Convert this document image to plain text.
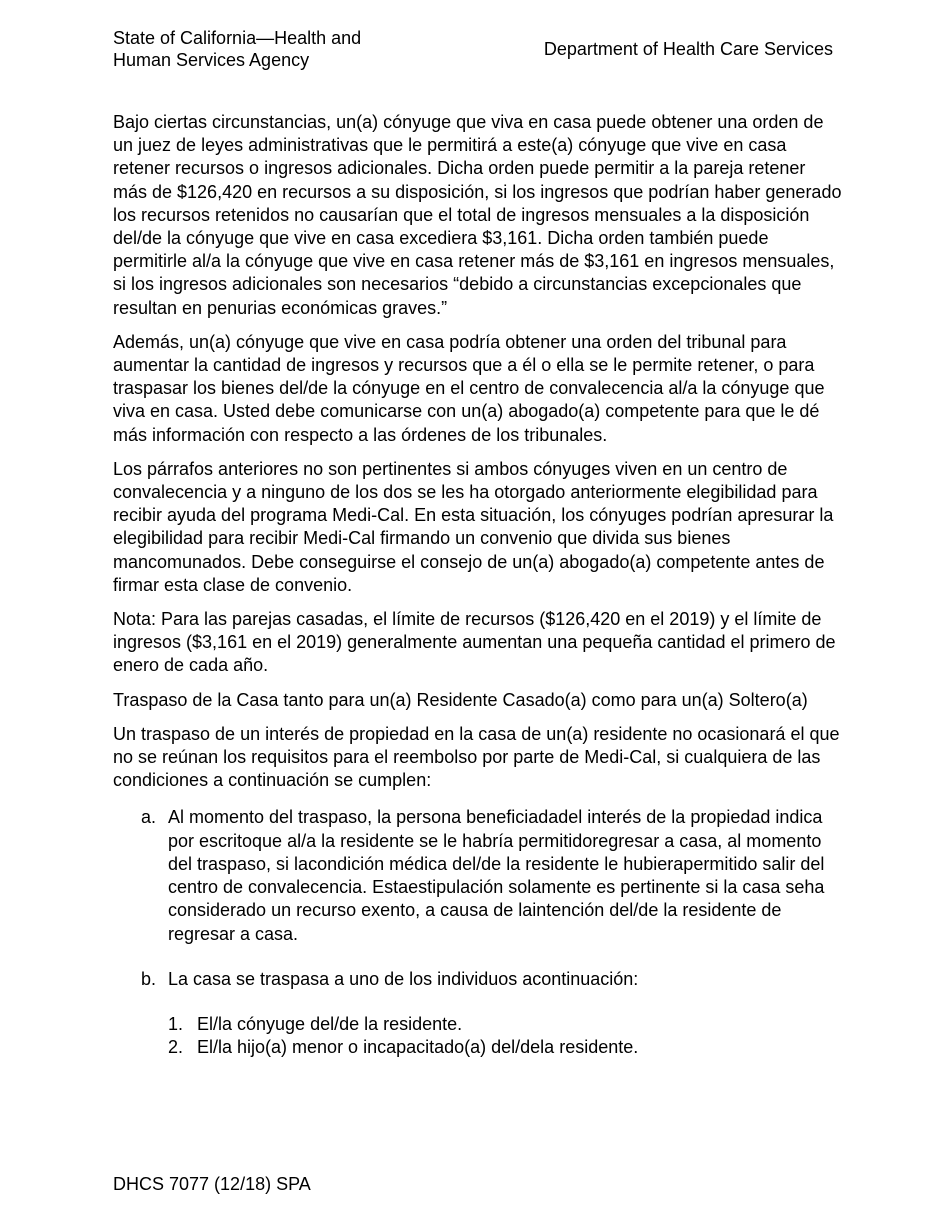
State of California—Health and Human Services Agency
Department of Health Care Services

Bajo ciertas circunstancias, un(a) cónyuge que viva en casa puede obtener una orden de un juez de leyes administrativas que le permitirá a este(a) cónyuge que vive en casa retener recursos o ingresos adicionales. Dicha orden puede permitir a la pareja retener más de $126,420 en recursos a su disposición, si los ingresos que podrían haber generado los recursos retenidos no causarían que el total de ingresos mensuales a la disposición del/de la cónyuge que vive en casa excediera $3,161. Dicha orden también puede permitirle al/a la cónyuge que vive en casa retener más de $3,161 en ingresos mensuales, si los ingresos adicionales son necesarios “debido a circunstancias excepcionales que resultan en penurias económicas graves.”

Además, un(a) cónyuge que vive en casa podría obtener una orden del tribunal para aumentar la cantidad de ingresos y recursos que a él o ella se le permite retener, o para traspasar los bienes del/de la cónyuge en el centro de convalecencia al/a la cónyuge que viva en casa. Usted debe comunicarse con un(a) abogado(a) competente para que le dé más información con respecto a las órdenes de los tribunales.

Los párrafos anteriores no son pertinentes si ambos cónyuges viven en un centro de convalecencia y a ninguno de los dos se les ha otorgado anteriormente elegibilidad para recibir ayuda del programa Medi-Cal. En esta situación, los cónyuges podrían apresurar la elegibilidad para recibir Medi-Cal firmando un convenio que divida sus bienes mancomunados. Debe conseguirse el consejo de un(a) abogado(a) competente antes de firmar esta clase de convenio.

Nota: Para las parejas casadas, el límite de recursos ($126,420 en el 2019) y el límite de ingresos ($3,161 en el 2019) generalmente aumentan una pequeña cantidad el primero de enero de cada año.

Traspaso de la Casa tanto para un(a) Residente Casado(a) como para un(a) Soltero(a)

Un traspaso de un interés de propiedad en la casa de un(a) residente no ocasionará el que no se reúnan los requisitos para el reembolso por parte de Medi-Cal, si cualquiera de las condiciones a continuación se cumplen:

a. Al momento del traspaso, la persona beneficiadadel interés de la propiedad indica por escritoque al/a la residente se le habría permitidoregresar a casa, al momento del traspaso, si lacondición médica del/de la residente le hubierapermitido salir del centro de convalecencia. Estaestipulación solamente es pertinente si la casa seha considerado un recurso exento, a causa de laintención del/de la residente de regresar a casa.
b. La casa se traspasa a uno de los individuos acontinuación:
1. El/la cónyuge del/de la residente.
2. El/la hijo(a) menor o incapacitado(a) del/dela residente.
DHCS 7077 (12/18) SPA
